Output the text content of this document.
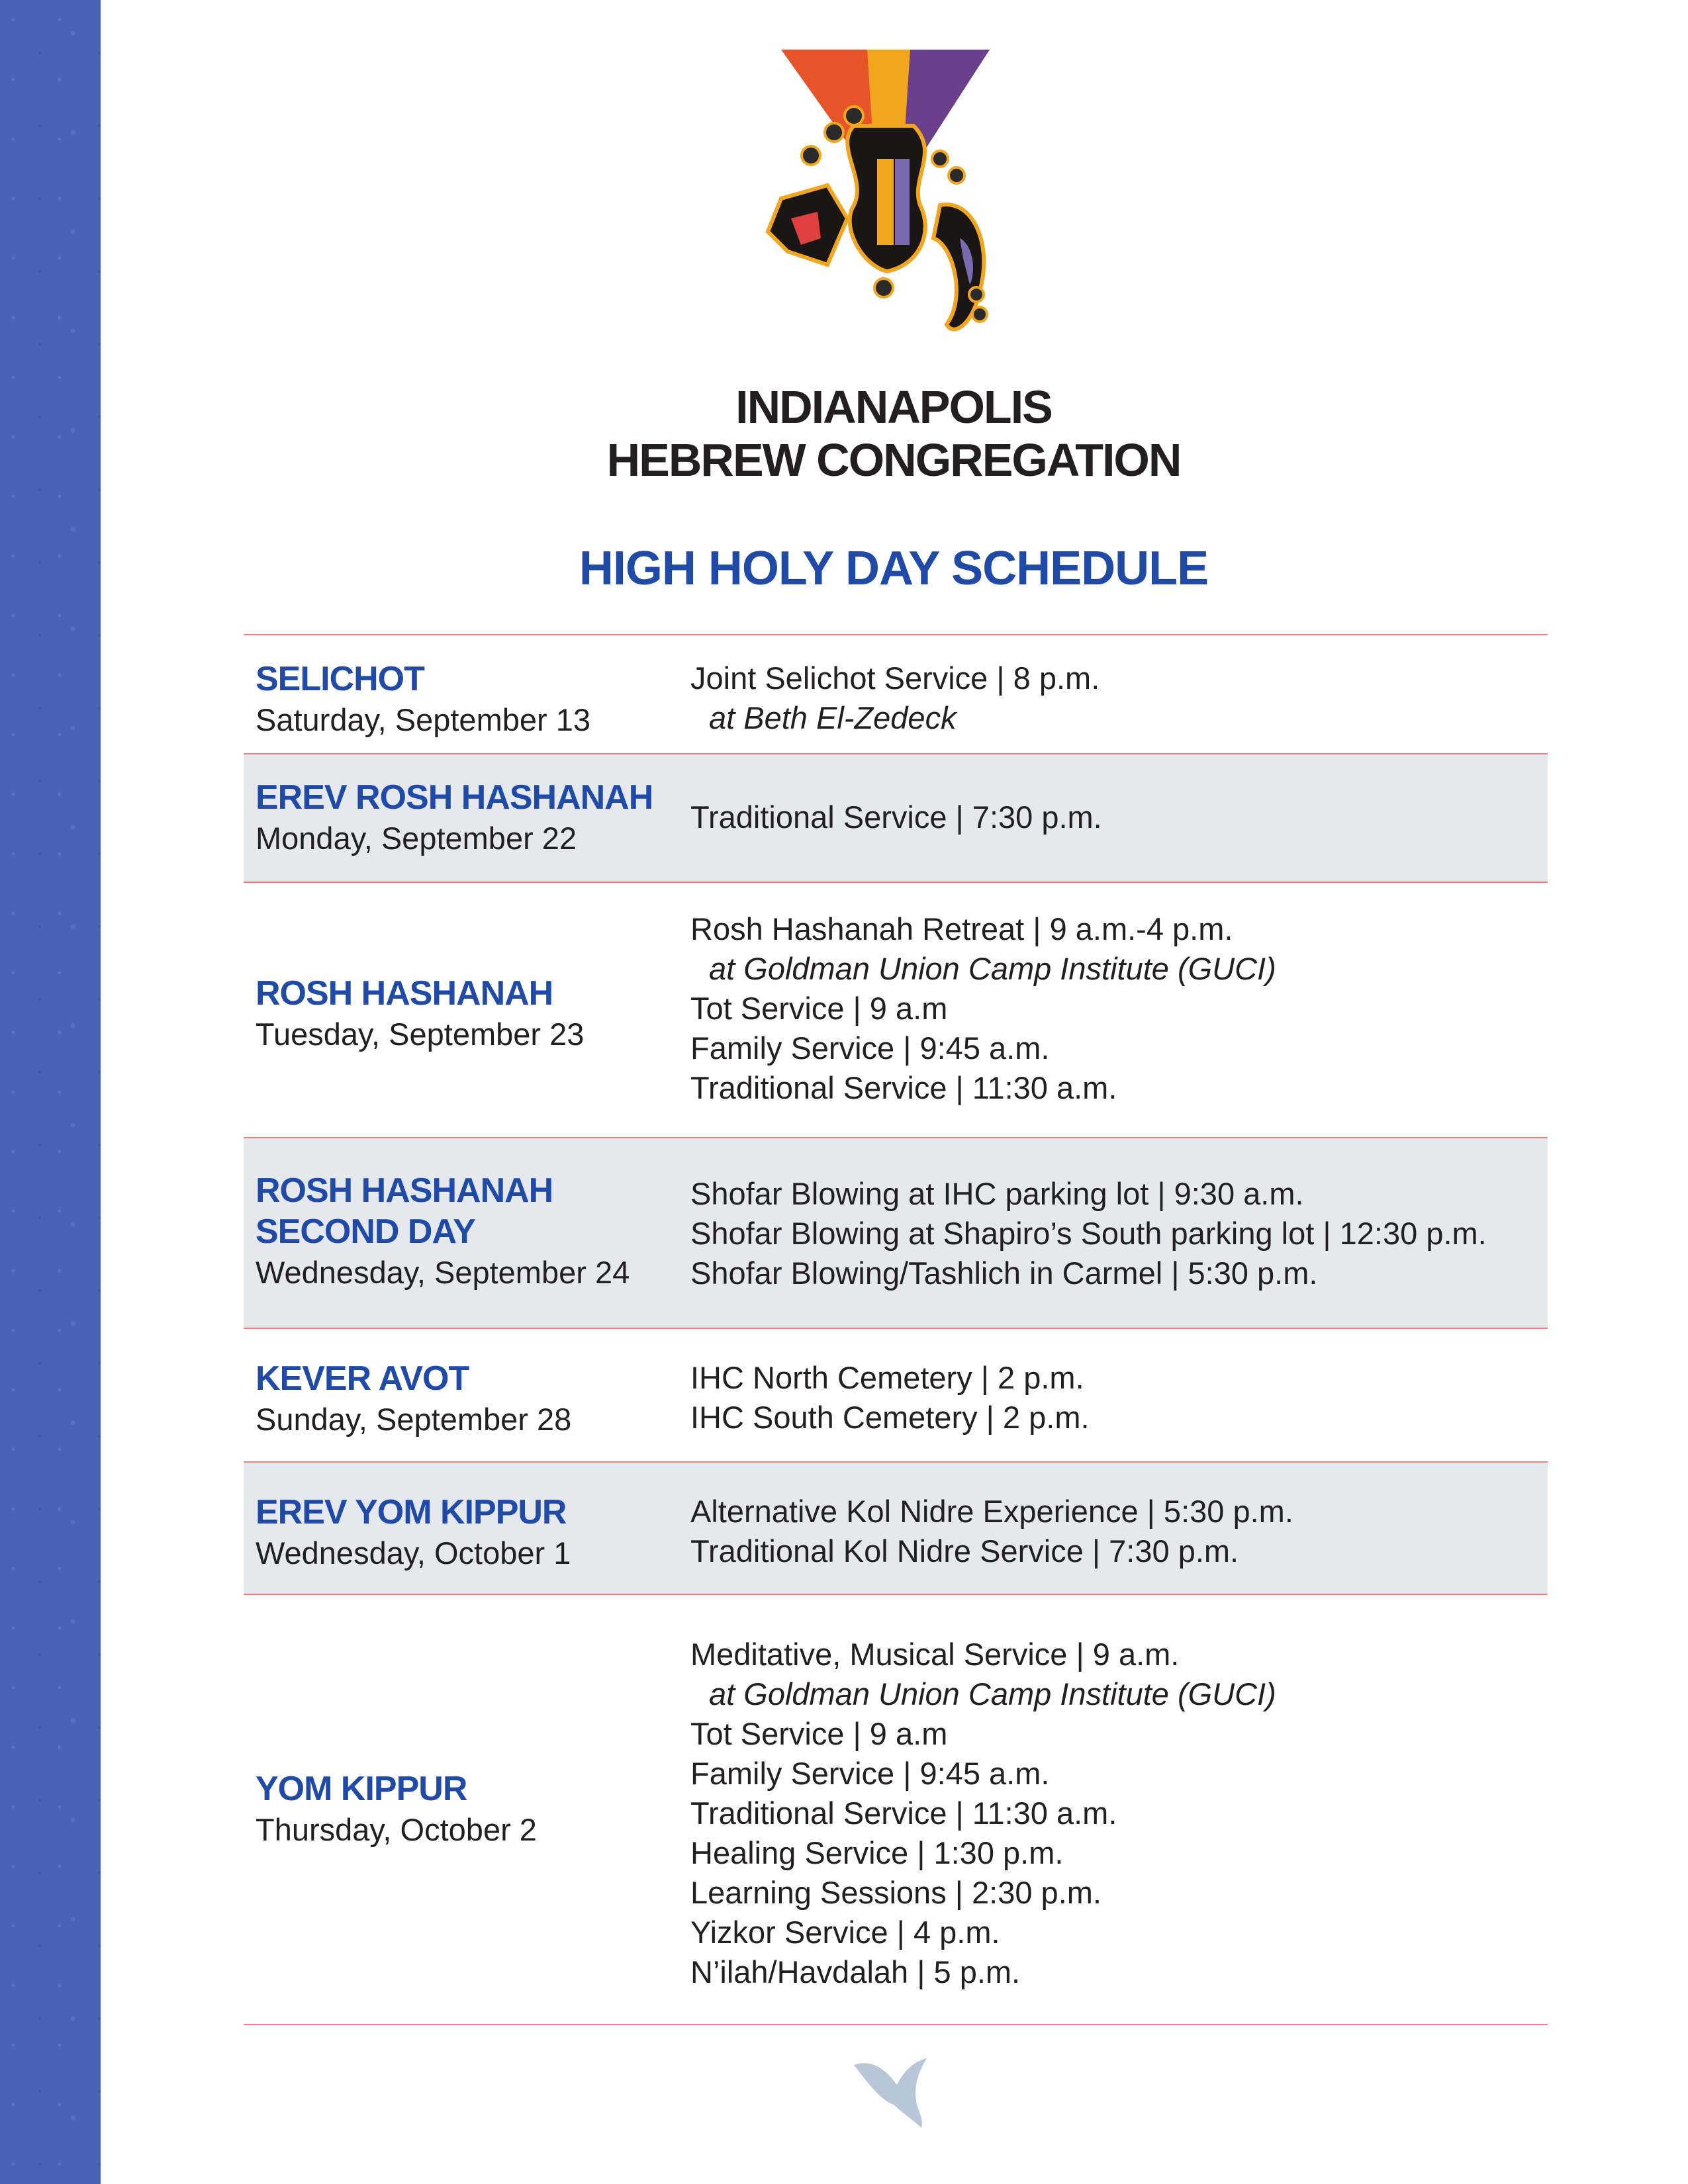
INDIANAPOLIS
HEBREW CONGREGATION
HIGH HOLY DAY SCHEDULE
SELICHOT
Saturday, September 13
Joint Selichot Service | 8 p.m.
at Beth El-Zedeck
EREV ROSH HASHANAH
Monday, September 22
Traditional Service | 7:30 p.m.
ROSH HASHANAH
Tuesday, September 23
Rosh Hashanah Retreat | 9 a.m.-4 p.m.
at Goldman Union Camp Institute (GUCI)
Tot Service | 9 a.m
Family Service | 9:45 a.m.
Traditional Service | 11:30 a.m.
ROSH HASHANAH
SECOND DAY
Wednesday, September 24
Shofar Blowing at IHC parking lot | 9:30 a.m.
Shofar Blowing at Shapiro’s South parking lot | 12:30 p.m.
Shofar Blowing/Tashlich in Carmel | 5:30 p.m.
KEVER AVOT
Sunday, September 28
IHC North Cemetery | 2 p.m.
IHC South Cemetery | 2 p.m.
EREV YOM KIPPUR
Wednesday, October 1
Alternative Kol Nidre Experience | 5:30 p.m.
Traditional Kol Nidre Service | 7:30 p.m.
YOM KIPPUR
Thursday, October 2
Meditative, Musical Service | 9 a.m.
at Goldman Union Camp Institute (GUCI)
Tot Service | 9 a.m
Family Service | 9:45 a.m.
Traditional Service | 11:30 a.m.
Healing Service | 1:30 p.m.
Learning Sessions | 2:30 p.m.
Yizkor Service | 4 p.m.
N’ilah/Havdalah | 5 p.m.
